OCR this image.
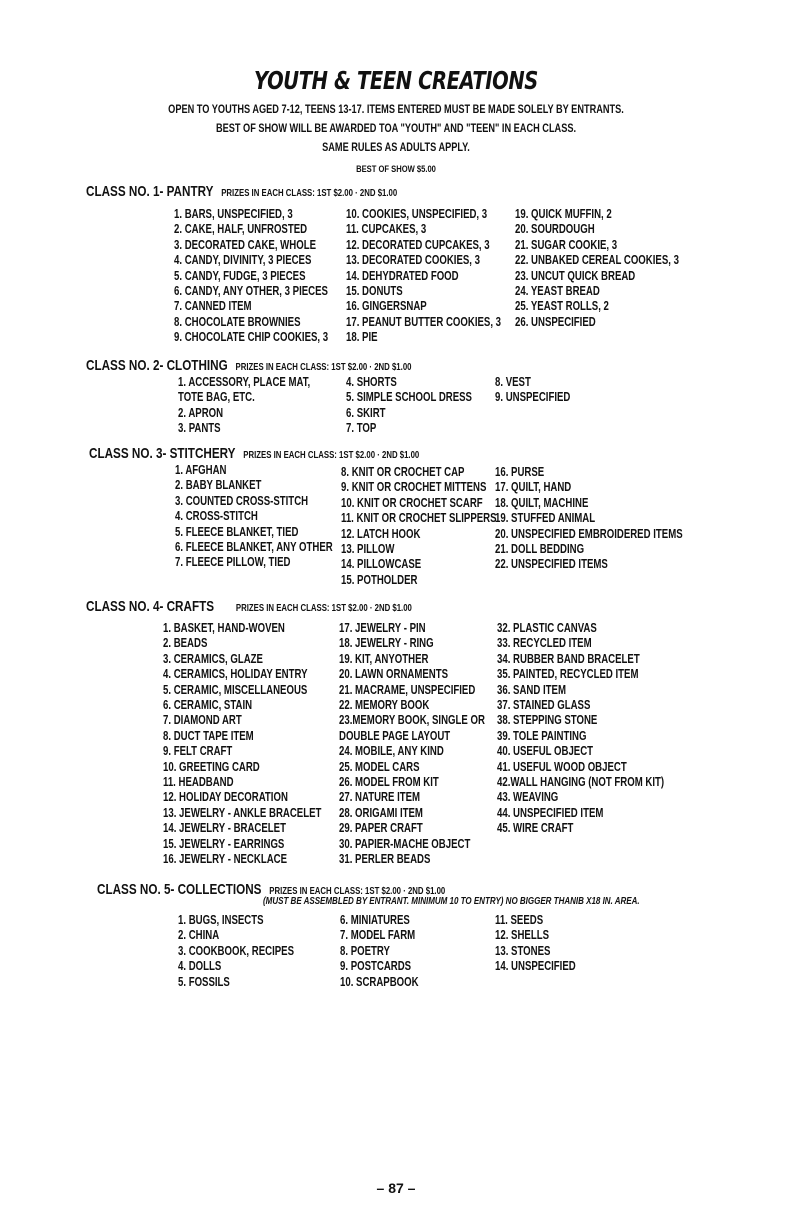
YOUTH & TEEN CREATIONS
OPEN TO YOUTHS AGED 7-12, TEENS 13-17. ITEMS ENTERED MUST BE MADE SOLELY BY ENTRANTS.
BEST OF SHOW WILL BE AWARDED TOA "YOUTH" AND "TEEN" IN EACH CLASS.
SAME RULES AS ADULTS APPLY.
BEST OF SHOW $5.00
CLASS NO. 1- PANTRY PRIZES IN EACH CLASS: 1ST $2.00 · 2ND $1.00
1. BARS, UNSPECIFIED, 3
2. CAKE, HALF, UNFROSTED
3. DECORATED CAKE, WHOLE
4. CANDY, DIVINITY, 3 PIECES
5. CANDY, FUDGE, 3 PIECES
6. CANDY, ANY OTHER, 3 PIECES
7. CANNED ITEM
8. CHOCOLATE BROWNIES
9. CHOCOLATE CHIP COOKIES, 3
10. COOKIES, UNSPECIFIED, 3
11. CUPCAKES, 3
12. DECORATED CUPCAKES, 3
13. DECORATED COOKIES, 3
14. DEHYDRATED FOOD
15. DONUTS
16. GINGERSNAP
17. PEANUT BUTTER COOKIES, 3
18. PIE
19. QUICK MUFFIN, 2
20. SOURDOUGH
21. SUGAR COOKIE, 3
22. UNBAKED CEREAL COOKIES, 3
23. UNCUT QUICK BREAD
24. YEAST BREAD
25. YEAST ROLLS, 2
26. UNSPECIFIED
CLASS NO. 2- CLOTHING PRIZES IN EACH CLASS: 1ST $2.00 · 2ND $1.00
1. ACCESSORY, PLACE MAT,
TOTE BAG, ETC.
2. APRON
3. PANTS
4. SHORTS
5. SIMPLE SCHOOL DRESS
6. SKIRT
7. TOP
8. VEST
9. UNSPECIFIED
CLASS NO. 3- STITCHERY PRIZES IN EACH CLASS: 1ST $2.00 · 2ND $1.00
1. AFGHAN
2. BABY BLANKET
3. COUNTED CROSS-STITCH
4. CROSS-STITCH
5. FLEECE BLANKET, TIED
6. FLEECE BLANKET, ANY OTHER
7. FLEECE PILLOW, TIED
8. KNIT OR CROCHET CAP
9. KNIT OR CROCHET MITTENS
10. KNIT OR CROCHET SCARF
11. KNIT OR CROCHET SLIPPERS
12. LATCH HOOK
13. PILLOW
14. PILLOWCASE
15. POTHOLDER
16. PURSE
17. QUILT, HAND
18. QUILT, MACHINE
19. STUFFED ANIMAL
20. UNSPECIFIED EMBROIDERED ITEMS
21. DOLL BEDDING
22. UNSPECIFIED ITEMS
CLASS NO. 4- CRAFTS PRIZES IN EACH CLASS: 1ST $2.00 · 2ND $1.00
1. BASKET, HAND-WOVEN
2. BEADS
3. CERAMICS, GLAZE
4. CERAMICS, HOLIDAY ENTRY
5. CERAMIC, MISCELLANEOUS
6. CERAMIC, STAIN
7. DIAMOND ART
8. DUCT TAPE ITEM
9. FELT CRAFT
10. GREETING CARD
11. HEADBAND
12. HOLIDAY DECORATION
13. JEWELRY - ANKLE BRACELET
14. JEWELRY - BRACELET
15. JEWELRY - EARRINGS
16. JEWELRY - NECKLACE
17. JEWELRY - PIN
18. JEWELRY - RING
19. KIT, ANYOTHER
20. LAWN ORNAMENTS
21. MACRAME, UNSPECIFIED
22. MEMORY BOOK
23.MEMORY BOOK, SINGLE OR
DOUBLE PAGE LAYOUT
24. MOBILE, ANY KIND
25. MODEL CARS
26. MODEL FROM KIT
27. NATURE ITEM
28. ORIGAMI ITEM
29. PAPER CRAFT
30. PAPIER-MACHE OBJECT
31. PERLER BEADS
32. PLASTIC CANVAS
33. RECYCLED ITEM
34. RUBBER BAND BRACELET
35. PAINTED, RECYCLED ITEM
36. SAND ITEM
37. STAINED GLASS
38. STEPPING STONE
39. TOLE PAINTING
40. USEFUL OBJECT
41. USEFUL WOOD OBJECT
42.WALL HANGING (NOT FROM KIT)
43. WEAVING
44. UNSPECIFIED ITEM
45. WIRE CRAFT
CLASS NO. 5- COLLECTIONS PRIZES IN EACH CLASS: 1ST $2.00 · 2ND $1.00
(MUST BE ASSEMBLED BY ENTRANT. MINIMUM 10 TO ENTRY) NO BIGGER THANIB X18 IN. AREA.
1. BUGS, INSECTS
2. CHINA
3. COOKBOOK, RECIPES
4. DOLLS
5. FOSSILS
6. MINIATURES
7. MODEL FARM
8. POETRY
9. POSTCARDS
10. SCRAPBOOK
11. SEEDS
12. SHELLS
13. STONES
14. UNSPECIFIED
– 87 –
